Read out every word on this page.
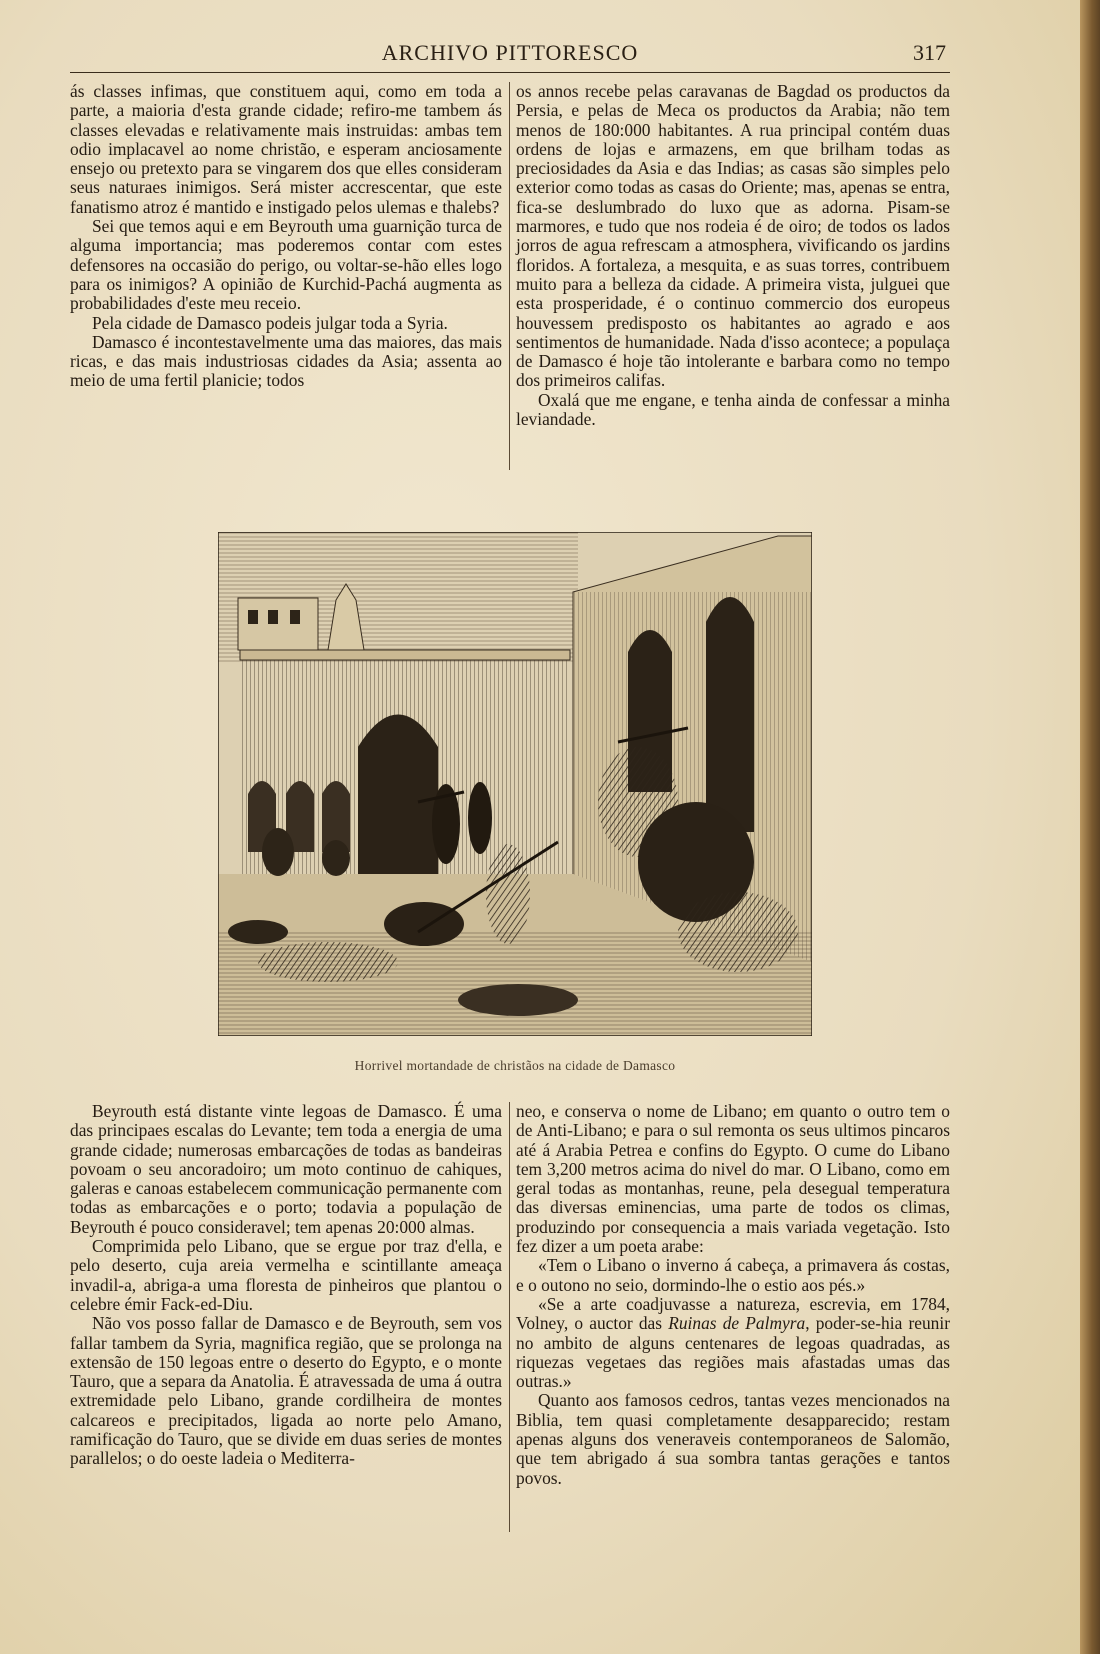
ARCHIVO PITTORESCO	317

ás classes infimas, que constituem aqui, como em toda a parte, a maioria d'esta grande cidade; refiro-me tambem ás classes elevadas e relativamente mais instruidas: ambas tem odio implacavel ao nome christão, e esperam anciosamente ensejo ou pretexto para se vingarem dos que elles consideram seus naturaes inimigos. Será mister accrescentar, que este fanatismo atroz é mantido e instigado pelos ulemas e thalebs?

Sei que temos aqui e em Beyrouth uma guarnição turca de alguma importancia; mas poderemos contar com estes defensores na occasião do perigo, ou voltar-se-hão elles logo para os inimigos? A opinião de Kurchid-Pachá augmenta as probabilidades d'este meu receio.

Pela cidade de Damasco podeis julgar toda a Syria.

Damasco é incontestavelmente uma das maiores, das mais ricas, e das mais industriosas cidades da Asia; assenta ao meio de uma fertil planicie; todos

os annos recebe pelas caravanas de Bagdad os productos da Persia, e pelas de Meca os productos da Arabia; não tem menos de 180:000 habitantes. A rua principal contém duas ordens de lojas e armazens, em que brilham todas as preciosidades da Asia e das Indias; as casas são simples pelo exterior como todas as casas do Oriente; mas, apenas se entra, fica-se deslumbrado do luxo que as adorna. Pisam-se marmores, e tudo que nos rodeia é de oiro; de todos os lados jorros de agua refrescam a atmosphera, vivificando os jardins floridos. A fortaleza, a mesquita, e as suas torres, contribuem muito para a belleza da cidade. A primeira vista, julguei que esta prosperidade, é o continuo commercio dos europeus houvessem predisposto os habitantes ao agrado e aos sentimentos de humanidade. Nada d'isso acontece; a populaça de Damasco é hoje tão intolerante e barbara como no tempo dos primeiros califas.

Oxalá que me engane, e tenha ainda de confessar a minha leviandade.

Horrivel mortandade de christãos na cidade de Damasco

Beyrouth está distante vinte legoas de Damasco. É uma das principaes escalas do Levante; tem toda a energia de uma grande cidade; numerosas embarcações de todas as bandeiras povoam o seu ancoradoiro; um moto continuo de cahiques, galeras e canoas estabelecem communicação permanente com todas as embarcações e o porto; todavia a população de Beyrouth é pouco consideravel; tem apenas 20:000 almas.

Comprimida pelo Libano, que se ergue por traz d'ella, e pelo deserto, cuja areia vermelha e scintillante ameaça invadil-a, abriga-a uma floresta de pinheiros que plantou o celebre émir Fack-ed-Diu.

Não vos posso fallar de Damasco e de Beyrouth, sem vos fallar tambem da Syria, magnifica região, que se prolonga na extensão de 150 legoas entre o deserto do Egypto, e o monte Tauro, que a separa da Anatolia. É atravessada de uma á outra extremidade pelo Libano, grande cordilheira de montes calcareos e precipitados, ligada ao norte pelo Amano, ramificação do Tauro, que se divide em duas series de montes parallelos; o do oeste ladeia o Mediterra-

neo, e conserva o nome de Libano; em quanto o outro tem o de Anti-Libano; e para o sul remonta os seus ultimos pincaros até á Arabia Petrea e confins do Egypto. O cume do Libano tem 3,200 metros acima do nivel do mar. O Libano, como em geral todas as montanhas, reune, pela desegual temperatura das diversas eminencias, uma parte de todos os climas, produzindo por consequencia a mais variada vegetação. Isto fez dizer a um poeta arabe:

«Tem o Libano o inverno á cabeça, a primavera ás costas, e o outono no seio, dormindo-lhe o estio aos pés.»

«Se a arte coadjuvasse a natureza, escrevia, em 1784, Volney, o auctor das Ruinas de Palmyra, poder-se-hia reunir no ambito de alguns centenares de legoas quadradas, as riquezas vegetaes das regiões mais afastadas umas das outras.»

Quanto aos famosos cedros, tantas vezes mencionados na Biblia, tem quasi completamente desapparecido; restam apenas alguns dos veneraveis contemporaneos de Salomão, que tem abrigado á sua sombra tantas gerações e tantos povos.
